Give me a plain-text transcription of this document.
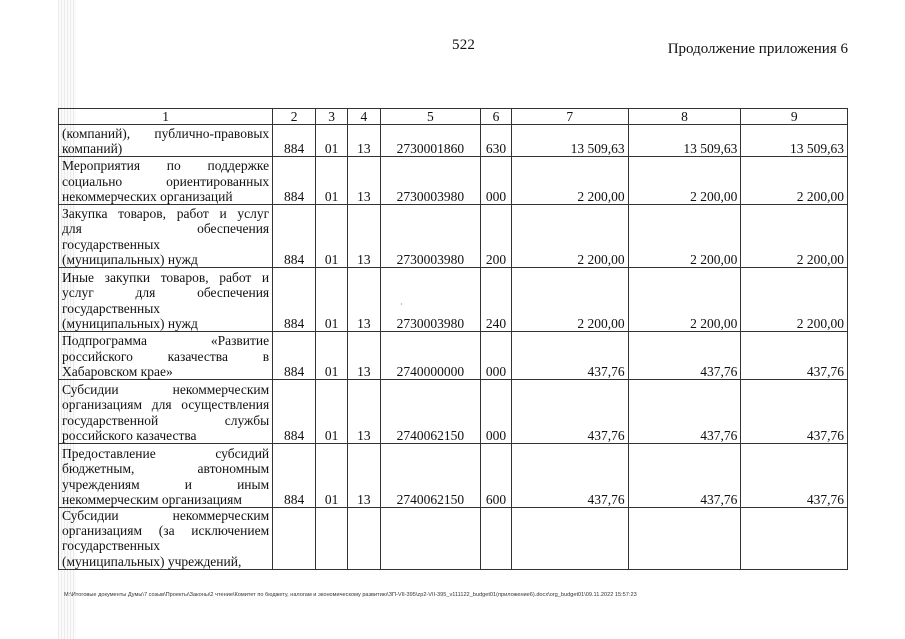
522	Продолжение приложения 6
1	2	3	4	5	6	7	8	9

(компаний), публично-правовых
компаний)	884	01	13	2730001860	630	13 509,63	13 509,63	13 509,63

Мероприятия по поддержке
социально ориентированных
некоммерческих организаций	884	01	13	2730003980	000	2 200,00	2 200,00	2 200,00

Закупка товаров, работ и услуг
для обеспечения
государственных
(муниципальных) нужд	884	01	13	2730003980	200	2 200,00	2 200,00	2 200,00

Иные закупки товаров, работ и
услуг для обеспечения
государственных
(муниципальных) нужд	884	01	13	2730003980	240	2 200,00	2 200,00	2 200,00

Подпрограмма «Развитие
российского казачества в
Хабаровском крае»	884	01	13	2740000000	000	437,76	437,76	437,76

Субсидии некоммерческим
организациям для осуществления
государственной службы
российского казачества	884	01	13	2740062150	000	437,76	437,76	437,76

Предоставление субсидий
бюджетным, автономным
учреждениям и иным
некоммерческим организациям	884	01	13	2740062150	600	437,76	437,76	437,76

Субсидии некоммерческим
организациям (за исключением
государственных
(муниципальных) учреждений,								

·
M:\Итоговые документы Думы\7 созыв\Проекты\Законы\2 чтение\Комитет по бюджету, налогам и экономическому развитию\ЗП-VII-395\zp2-VII-395_v111122_budget01(приложение6).docx\org_budget01\09.11.2022 15:57:23
